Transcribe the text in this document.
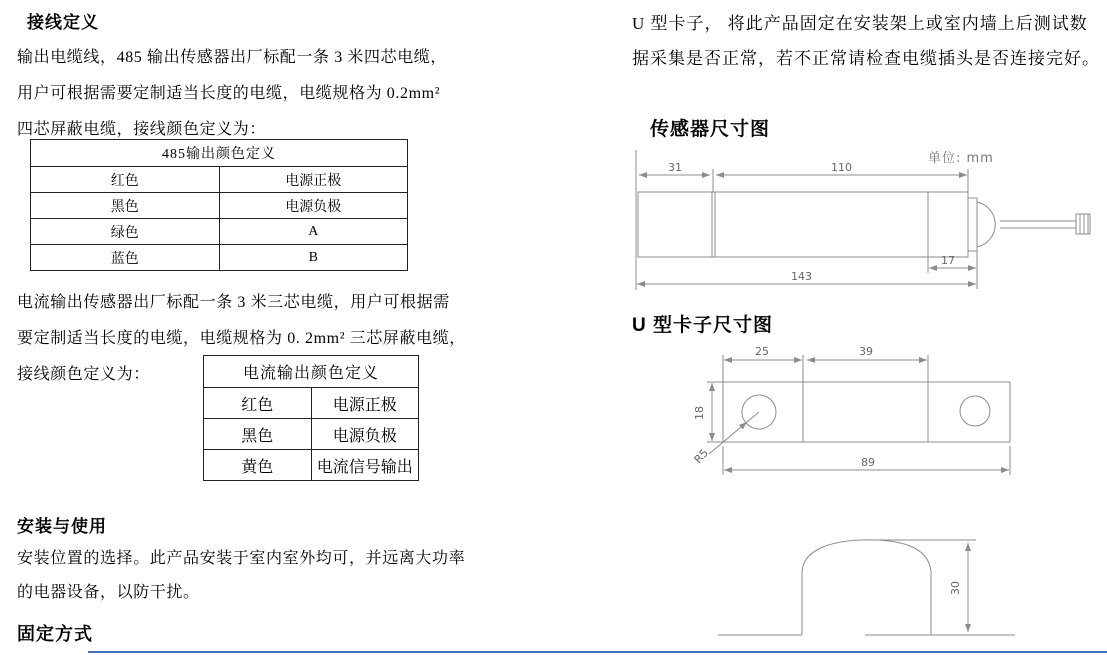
接线定义
输出电缆线，485 输出传感器出厂标配一条 3 米四芯电缆，
用户可根据需要定制适当长度的电缆，电缆规格为 0.2mm²
四芯屏蔽电缆，接线颜色定义为：
485输出颜色定义	
红色	电源正极
黑色	电源负极
绿色	A
蓝色	B
电流输出传感器出厂标配一条 3 米三芯电缆，用户可根据需
要定制适当长度的电缆，电缆规格为 0. 2mm² 三芯屏蔽电缆，
接线颜色定义为：	电流输出颜色定义	
红色	电源正极
黑色	电源负极
黄色	电流信号输出
安装与使用
安装位置的选择。此产品安装于室内室外均可，并远离大功率
的电器设备，以防干扰。
固定方式
U 型卡子， 将此产品固定在安装架上或室内墙上后测试数
据采集是否正常，若不正常请检查电缆插头是否连接完好。
传感器尺寸图
单位: mm
31	110
17
143
U 型卡子尺寸图
25	39
18
R5	89
30
